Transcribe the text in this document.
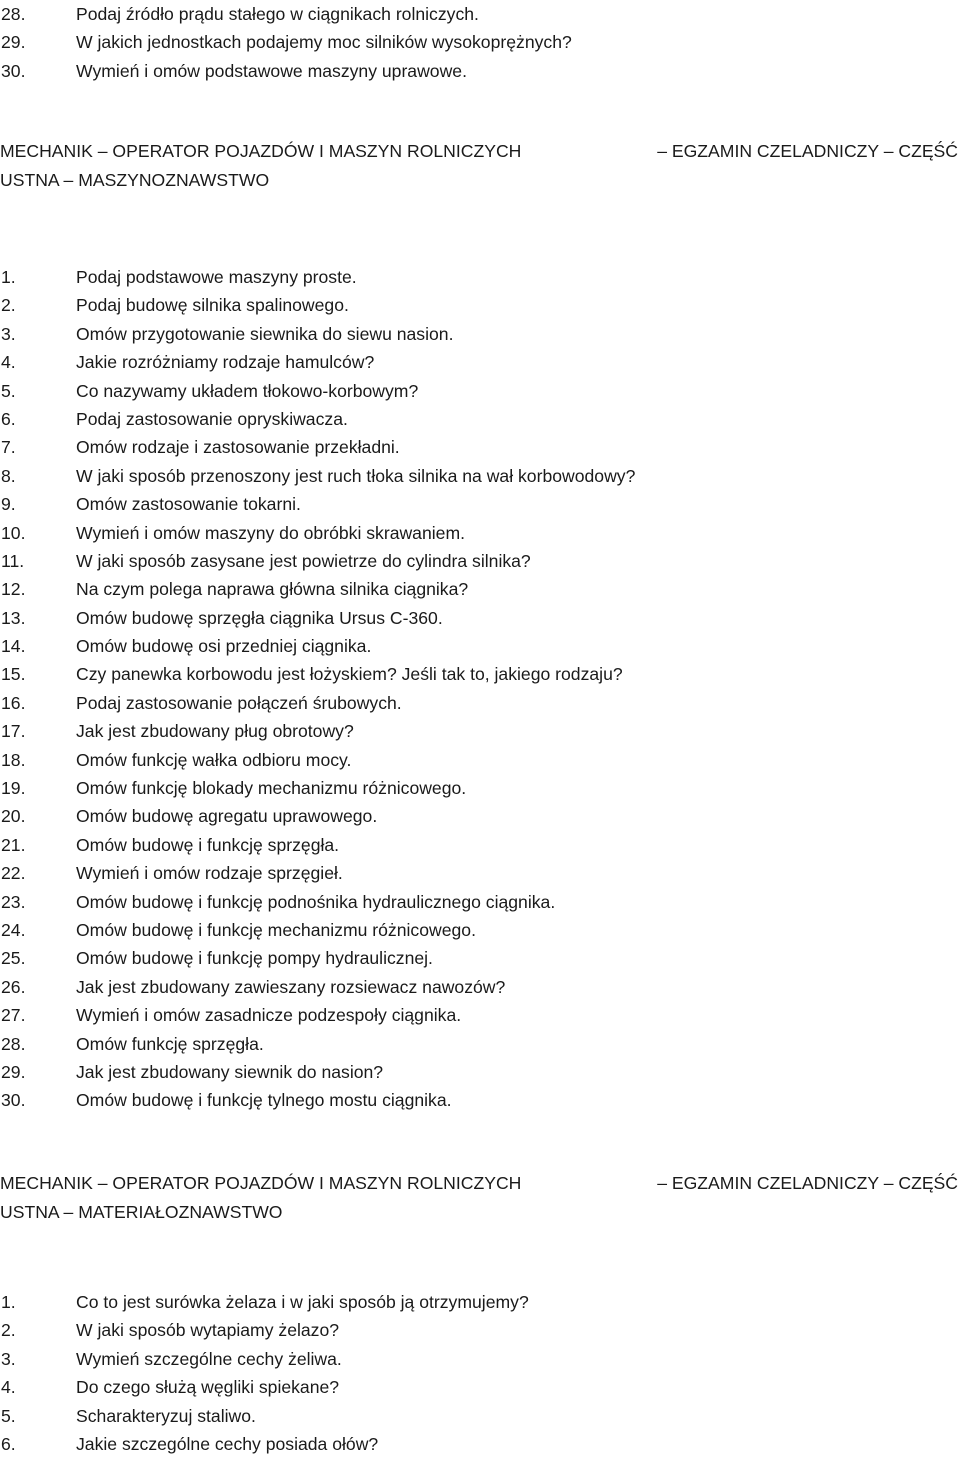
28.	Podaj źródło prądu stałego w ciągnikach rolniczych.
29.	W jakich jednostkach podajemy moc silników wysokoprężnych?
30.	Wymień i omów podstawowe maszyny uprawowe.
MECHANIK – OPERATOR POJAZDÓW I MASZYN ROLNICZYCH	– EGZAMIN CZELADNICZY – CZĘŚĆ
USTNA – MASZYNOZNAWSTWO
1.	Podaj podstawowe maszyny proste.
2.	Podaj budowę silnika spalinowego.
3.	Omów przygotowanie siewnika do siewu nasion.
4.	Jakie rozróżniamy rodzaje hamulców?
5.	Co nazywamy układem tłokowo-korbowym?
6.	Podaj zastosowanie opryskiwacza.
7.	Omów rodzaje i zastosowanie przekładni.
8.	W jaki sposób przenoszony jest ruch tłoka silnika na wał korbowodowy?
9.	Omów zastosowanie tokarni.
10.	Wymień i omów maszyny do obróbki skrawaniem.
11.	W jaki sposób zasysane jest powietrze do cylindra silnika?
12.	Na czym polega naprawa główna silnika ciągnika?
13.	Omów budowę sprzęgła ciągnika Ursus C-360.
14.	Omów budowę osi przedniej ciągnika.
15.	Czy panewka korbowodu jest łożyskiem? Jeśli tak to, jakiego rodzaju?
16.	Podaj zastosowanie połączeń śrubowych.
17.	Jak jest zbudowany pług obrotowy?
18.	Omów funkcję wałka odbioru mocy.
19.	Omów funkcję blokady mechanizmu różnicowego.
20.	Omów budowę agregatu uprawowego.
21.	Omów budowę i funkcję sprzęgła.
22.	Wymień i omów rodzaje sprzęgieł.
23.	Omów budowę i funkcję podnośnika hydraulicznego ciągnika.
24.	Omów budowę i funkcję mechanizmu różnicowego.
25.	Omów budowę i funkcję pompy hydraulicznej.
26.	Jak jest zbudowany zawieszany rozsiewacz nawozów?
27.	Wymień i omów zasadnicze podzespoły ciągnika.
28.	Omów funkcję sprzęgła.
29.	Jak jest zbudowany siewnik do nasion?
30.	Omów budowę i funkcję tylnego mostu ciągnika.
MECHANIK – OPERATOR POJAZDÓW I MASZYN ROLNICZYCH	– EGZAMIN CZELADNICZY – CZĘŚĆ
USTNA – MATERIAŁOZNAWSTWO
1.	Co to jest surówka żelaza i w jaki sposób ją otrzymujemy?
2.	W jaki sposób wytapiamy żelazo?
3.	Wymień szczególne cechy żeliwa.
4.	Do czego służą węgliki spiekane?
5.	Scharakteryzuj staliwo.
6.	Jakie szczególne cechy posiada ołów?
